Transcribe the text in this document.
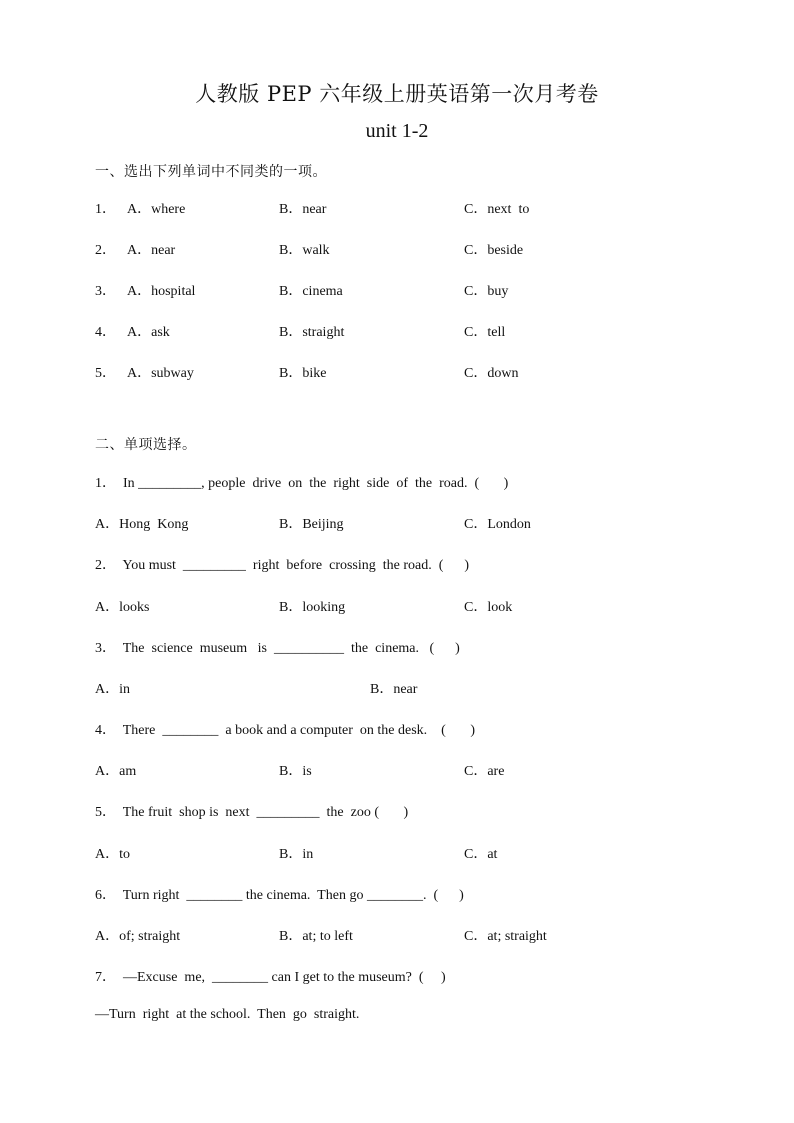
人教版 PEP 六年级上册英语第一次月考卷
unit 1-2
一、选出下列单词中不同类的一项。
1． A．where	B．near	C．next  to
2． A．near	B．walk	C．beside
3． A．hospital	B．cinema	C．buy
4． A．ask	B．straight	C．tell
5． A．subway	B．bike	C．down
二、单项选择。
1．  In _________, people  drive  on  the  right  side  of  the  road.  (       )
A．Hong  Kong	B．Beijing	C．London
2．  You must  _________  right  before  crossing  the road.  (      )
A．looks	B．looking	C．look
3．  The  science  museum   is  __________  the  cinema.   (      )
A．in	B．near
4．  There  ________  a book and a computer  on the desk.    (       )
A．am	B．is	C．are
5．  The fruit  shop is  next  _________  the  zoo (       )
A．to	B．in	C．at
6．  Turn right  ________ the cinema.  Then go ________.  (      )
A．of; straight	B．at; to left	C．at; straight
7．  —Excuse  me,  ________ can I get to the museum?  (     )
—Turn  right  at the school.  Then  go  straight.
